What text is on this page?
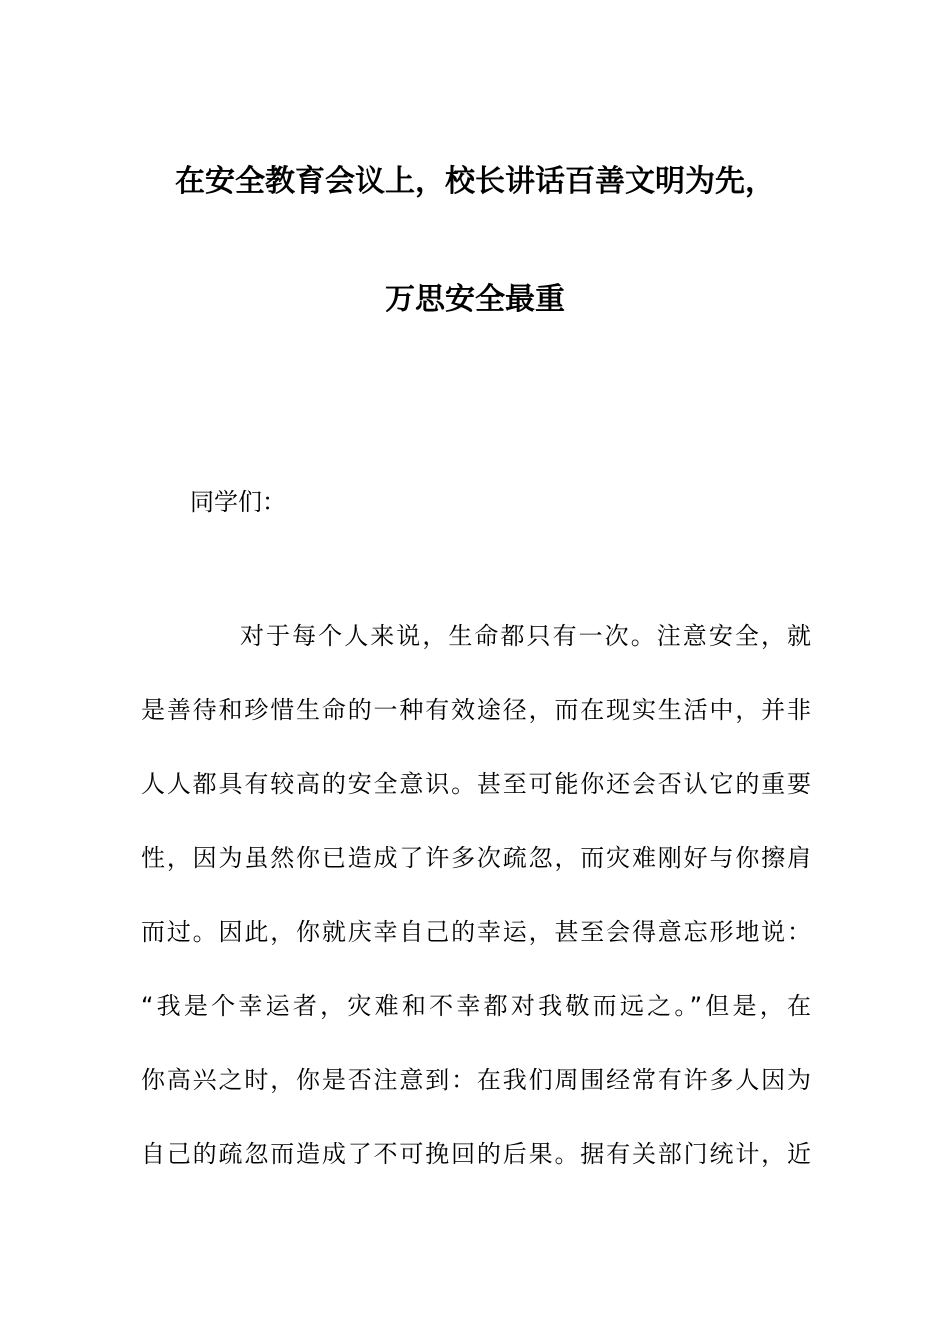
在安全教育会议上，校长讲话百善文明为先，
万思安全最重
同学们：
对于每个人来说，生命都只有一次。注意安全，就
是善待和珍惜生命的一种有效途径，而在现实生活中，并非
人人都具有较高的安全意识。甚至可能你还会否认它的重要
性，因为虽然你已造成了许多次疏忽，而灾难刚好与你擦肩
而过。因此，你就庆幸自己的幸运，甚至会得意忘形地说：
“我是个幸运者，灾难和不幸都对我敬而远之。”但是，在
你高兴之时，你是否注意到：在我们周围经常有许多人因为
自己的疏忽而造成了不可挽回的后果。据有关部门统计，近
